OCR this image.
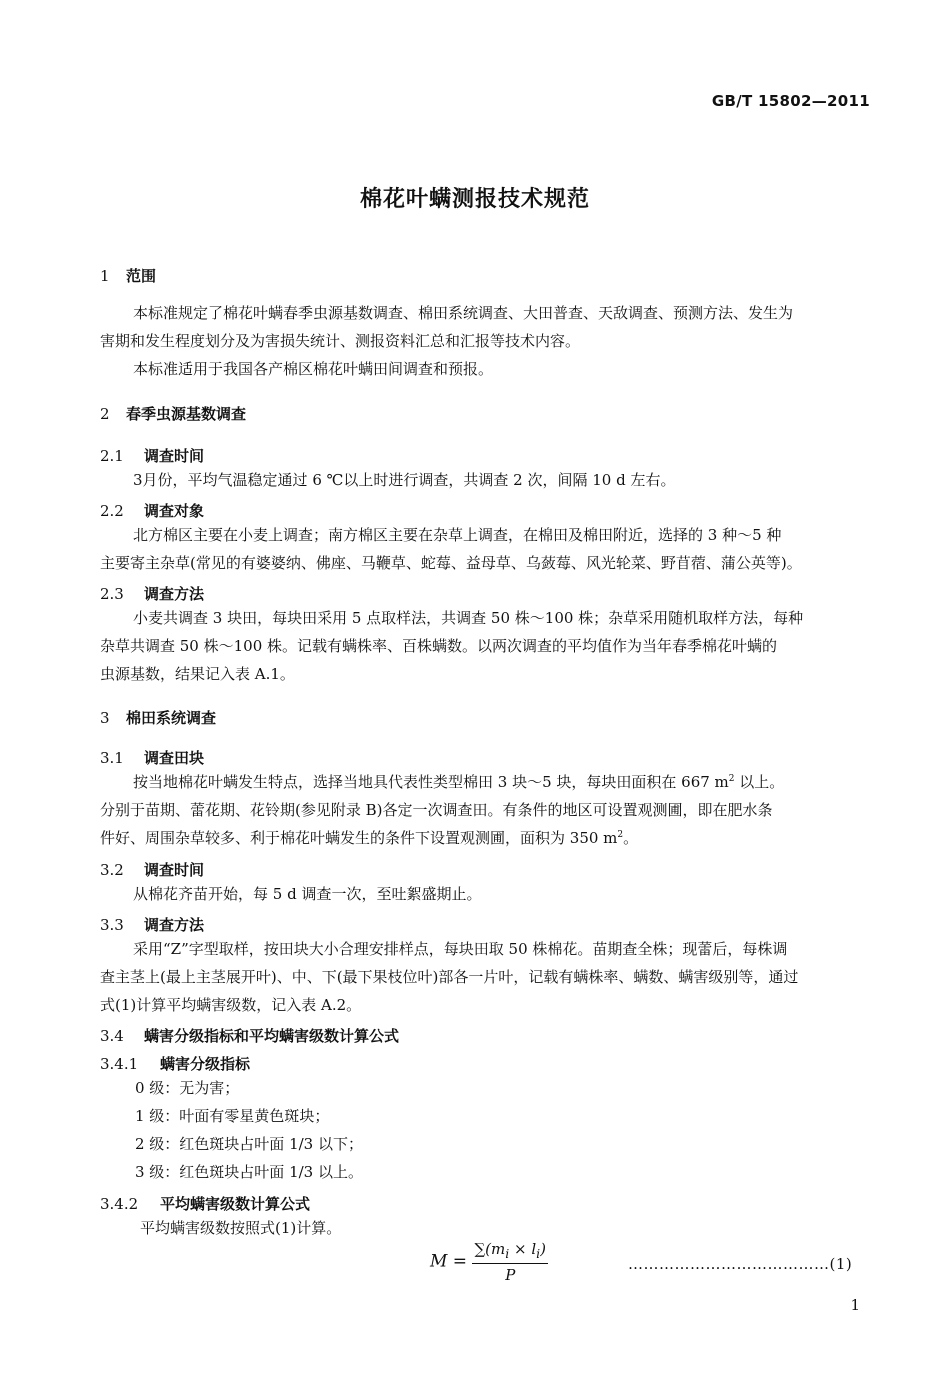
GB/T 15802—2011
棉花叶螨测报技术规范
1 范围
本标准规定了棉花叶螨春季虫源基数调查、棉田系统调查、大田普查、天敌调查、预测方法、发生为
害期和发生程度划分及为害损失统计、测报资料汇总和汇报等技术内容。
本标准适用于我国各产棉区棉花叶螨田间调查和预报。
2 春季虫源基数调查
2.1 调查时间
3月份，平均气温稳定通过 6 ℃以上时进行调查，共调查 2 次，间隔 10 d 左右。
2.2 调查对象
北方棉区主要在小麦上调查；南方棉区主要在杂草上调查，在棉田及棉田附近，选择的 3 种～5 种
主要寄主杂草(常见的有婆婆纳、佛座、马鞭草、蛇莓、益母草、乌蔹莓、风光轮菜、野苜蓿、蒲公英等)。
2.3 调查方法
小麦共调查 3 块田，每块田采用 5 点取样法，共调查 50 株～100 株；杂草采用随机取样方法，每种
杂草共调查 50 株～100 株。记载有螨株率、百株螨数。以两次调查的平均值作为当年春季棉花叶螨的
虫源基数，结果记入表 A.1。
3 棉田系统调查
3.1 调查田块
按当地棉花叶螨发生特点，选择当地具代表性类型棉田 3 块～5 块，每块田面积在 667 $m^2$ 以上。
分别于苗期、蕾花期、花铃期(参见附录 B)各定一次调查田。有条件的地区可设置观测圃，即在肥水条
件好、周围杂草较多、利于棉花叶螨发生的条件下设置观测圃，面积为 350 $m^2$。
3.2 调查时间
从棉花齐苗开始，每 5 d 调查一次，至吐絮盛期止。
3.3 调查方法
采用“Z”字型取样，按田块大小合理安排样点，每块田取 50 株棉花。苗期查全株；现蕾后，每株调
查主茎上(最上主茎展开叶)、中、下(最下果枝位叶)部各一片叶，记载有螨株率、螨数、螨害级别等，通过
式(1)计算平均螨害级数，记入表 A.2。
3.4 螨害分级指标和平均螨害级数计算公式
3.4.1 螨害分级指标
0 级：无为害；
1 级：叶面有零星黄色斑块；
2 级：红色斑块占叶面 1/3 以下；
3 级：红色斑块占叶面 1/3 以上。
3.4.2 平均螨害级数计算公式
平均螨害级数按照式(1)计算。
$M = \frac{\sum(m_i \times l_i)}{P}$	…………………………………(1)
1
